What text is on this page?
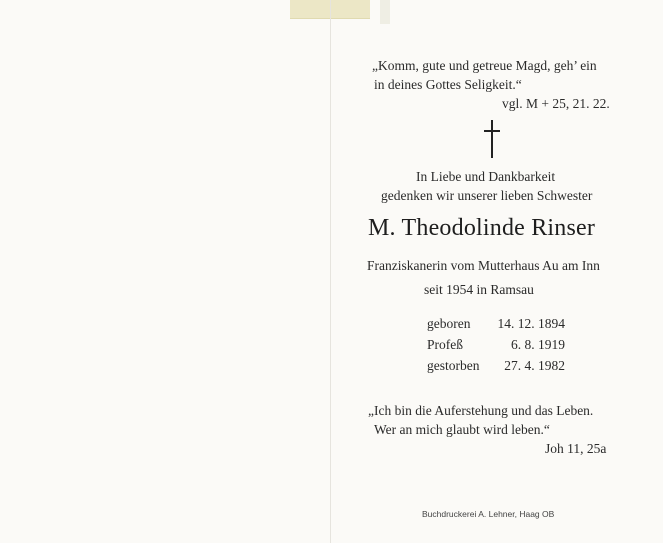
„Komm, gute und getreue Magd, geh’ ein
in deines Gottes Seligkeit.“
vgl. M + 25, 21. 22.
In Liebe und Dankbarkeit
gedenken wir unserer lieben Schwester
M. Theodolinde Rinser
Franziskanerin vom Mutterhaus Au am Inn
seit 1954 in Ramsau
geboren 14. 12. 1894
Profeß	6. 8. 1919
gestorben 27. 4. 1982
„Ich bin die Auferstehung und das Leben.
Wer an mich glaubt wird leben.“
Joh 11, 25a
Buchdruckerei A. Lehner, Haag OB
